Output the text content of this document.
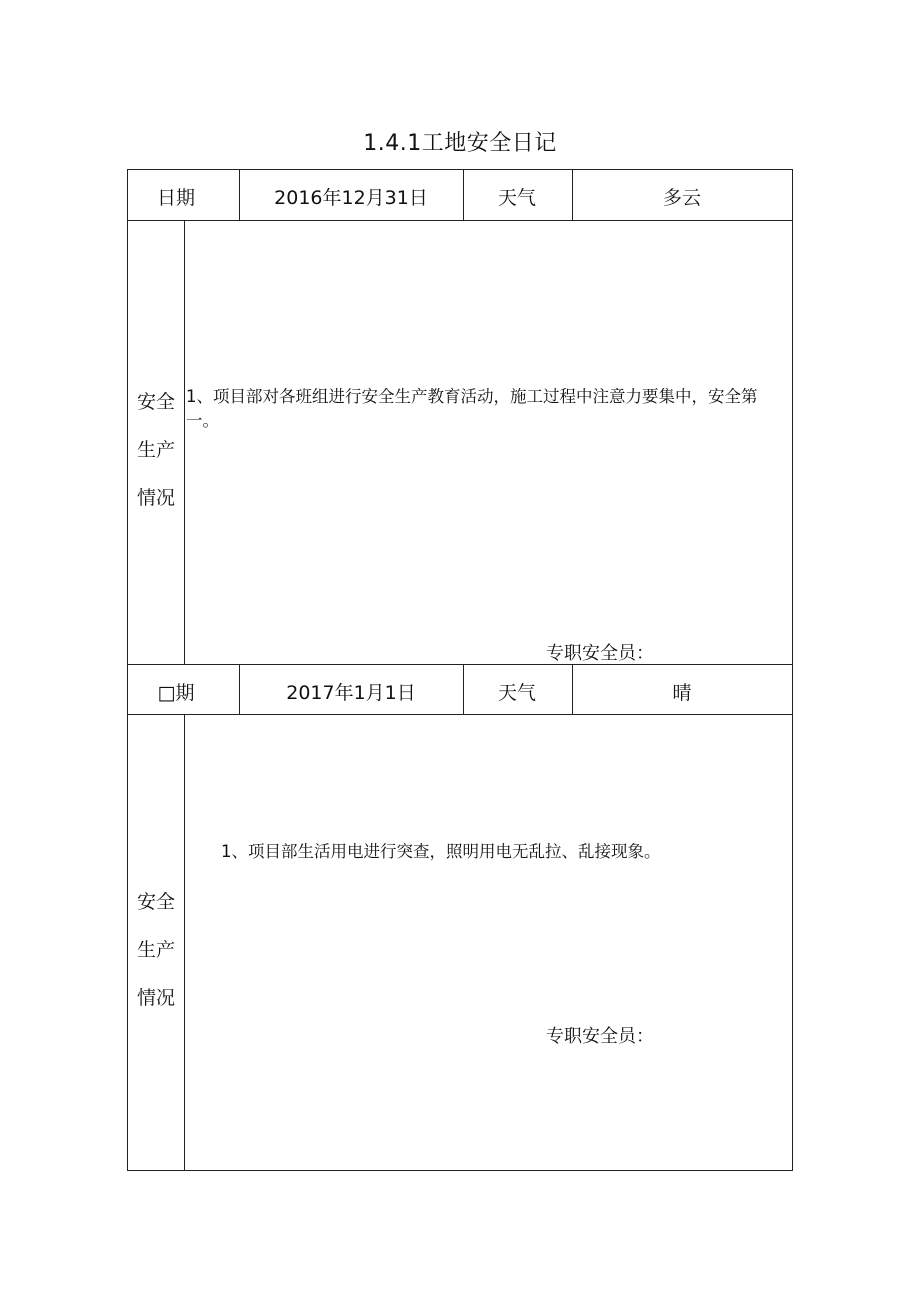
1.4.1工地安全日记
日期	2016年12月31日	天气	多云
安全
生产
情况
1、项目部对各班组进行安全生产教育活动，施工过程中注意力要集中，安全第一。
专职安全员：
□期	2017年1月1日	天气	晴
安全
生产
情况
1、项目部生活用电进行突查，照明用电无乱拉、乱接现象。
专职安全员：
